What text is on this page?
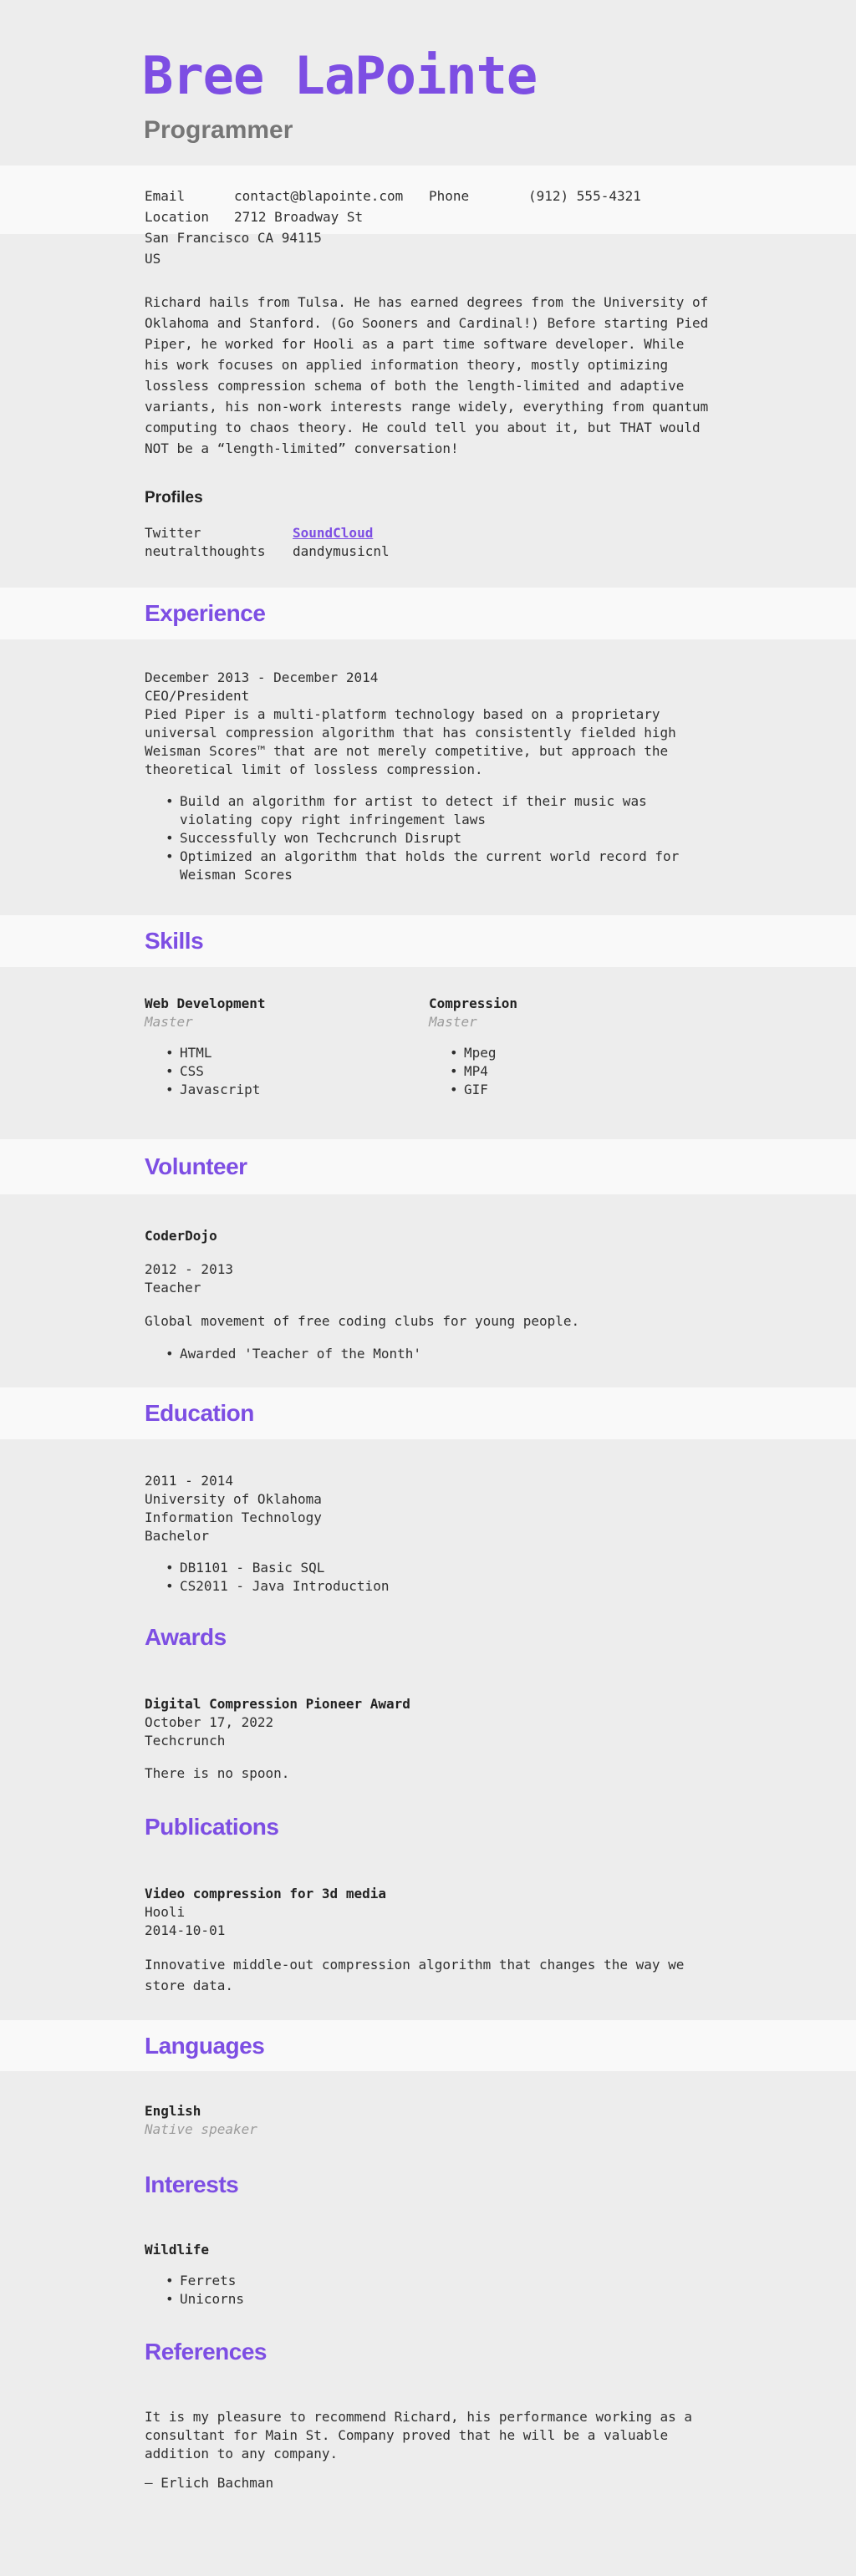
Email	contact@blapointe.com	Phone	(912) 555-4321
Location	2712 Broadway St
San Francisco CA 94115
US
Experience
Skills
Volunteer
Education
Languages
Bree LaPointe
Programmer

Richard hails from Tulsa. He has earned degrees from the University of Oklahoma and Stanford. (Go Sooners and Cardinal!) Before starting Pied Piper, he worked for Hooli as a part time software developer. While his work focuses on applied information theory, mostly optimizing lossless compression schema of both the length-limited and adaptive variants, his non-work interests range widely, everything from quantum computing to chaos theory. He could tell you about it, but THAT would NOT be a “length-limited” conversation!

Profiles
Twitter	SoundCloud
neutralthoughts	dandymusicnl
December 2013 - December 2014
CEO/President

Pied Piper is a multi-platform technology based on a proprietary universal compression algorithm that has consistently fielded high Weisman Scores™ that are not merely competitive, but approach the theoretical limit of lossless compression.

• Build an algorithm for artist to detect if their music was violating copy right infringement laws
• Successfully won Techcrunch Disrupt
• Optimized an algorithm that holds the current world record for Weisman Scores
Web Development
Master
• HTML
• CSS
• Javascript
Compression
Master
• Mpeg
• MP4
• GIF
CoderDojo
2012 - 2013
Teacher

Global movement of free coding clubs for young people.

• Awarded 'Teacher of the Month'
2011 - 2014
University of Oklahoma
Information Technology
Bachelor
• DB1101 - Basic SQL
• CS2011 - Java Introduction
Awards
Digital Compression Pioneer Award
October 17, 2022
Techcrunch

There is no spoon.

Publications
Video compression for 3d media
Hooli
2014-10-01

Innovative middle-out compression algorithm that changes the way we store data.

English
Native speaker
Interests
Wildlife
• Ferrets
• Unicorns
References

It is my pleasure to recommend Richard, his performance working as a consultant for Main St. Company proved that he will be a valuable addition to any company.

— Erlich Bachman
